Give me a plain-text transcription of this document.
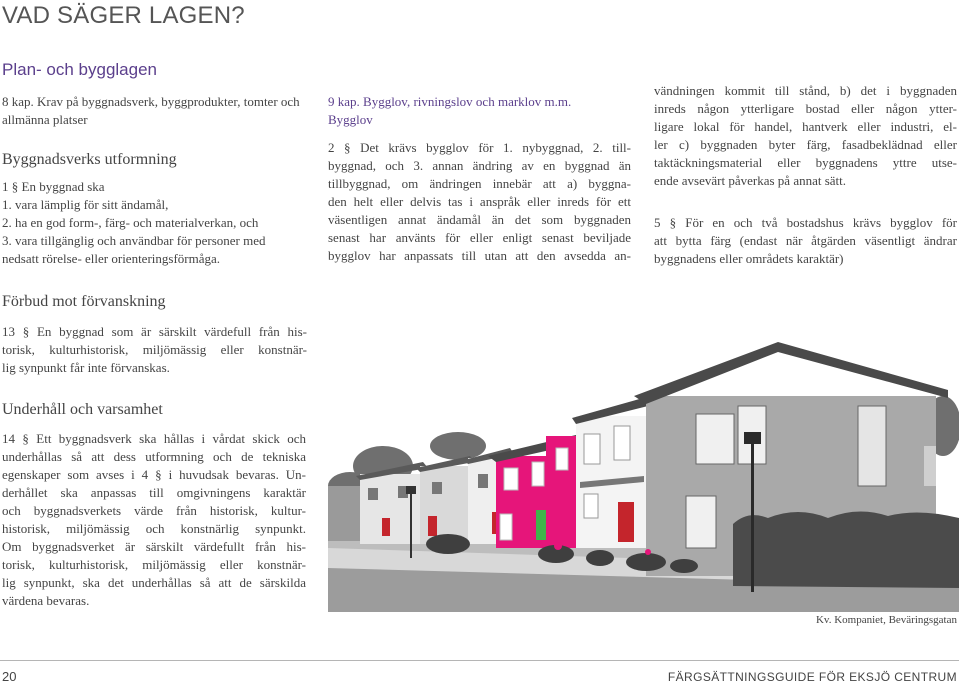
VAD SÄGER LAGEN?
Plan- och bygglagen
8 kap. Krav på byggnadsverk, byggprodukter, tomter och allmänna platser
Byggnadsverks utformning
1 § En byggnad ska
1. vara lämplig för sitt ändamål,
2. ha en god form-, färg- och materialverkan, och
3. vara tillgänglig och användbar för personer med
nedsatt rörelse- eller orienteringsförmåga.
9 kap. Bygglov, rivningslov och marklov m.m.
Bygglov
2 § Det krävs bygglov för 1. nybyggnad, 2. till-
byggnad, och 3. annan ändring av en byggnad än
tillbyggnad, om ändringen innebär att a) byggna-
den helt eller delvis tas i anspråk eller inreds för ett
väsentligen annat ändamål än det som byggnaden
senast har använts för eller enligt senast beviljade
bygglov har anpassats till utan att den avsedda an-
vändningen kommit till stånd, b) det i byggnaden
inreds någon ytterligare bostad eller någon ytter-
ligare lokal för handel, hantverk eller industri, el-
ler c) byggnaden byter färg, fasadbeklädnad eller
taktäckningsmaterial eller byggnadens yttre utse-
ende avsevärt påverkas på annat sätt.
5 § För en och två bostadshus krävs bygglov för
att bytta färg (endast när åtgärden väsentligt ändrar
byggnadens eller områdets karaktär)
Förbud mot förvanskning
13 § En byggnad som är särskilt värdefull från his-
torisk, kulturhistorisk, miljömässig eller konstnär-
lig synpunkt får inte förvanskas.
Underhåll och varsamhet
14 § Ett byggnadsverk ska hållas i vårdat skick och
underhållas så att dess utformning och de tekniska
egenskaper som avses i 4 § i huvudsak bevaras. Un-
derhållet ska anpassas till omgivningens karaktär
och byggnadsverkets värde från historisk, kultur-
historisk, miljömässig och konstnärlig synpunkt.
Om byggnadsverket är särskilt värdefullt från his-
torisk, kulturhistorisk, miljömässig eller konstnär-
lig synpunkt, ska det underhållas så att de särskilda
värdena bevaras.
Kv. Kompaniet, Beväringsgatan
20	FÄRGSÄTTNINGSGUIDE FÖR EKSJÖ CENTRUM
